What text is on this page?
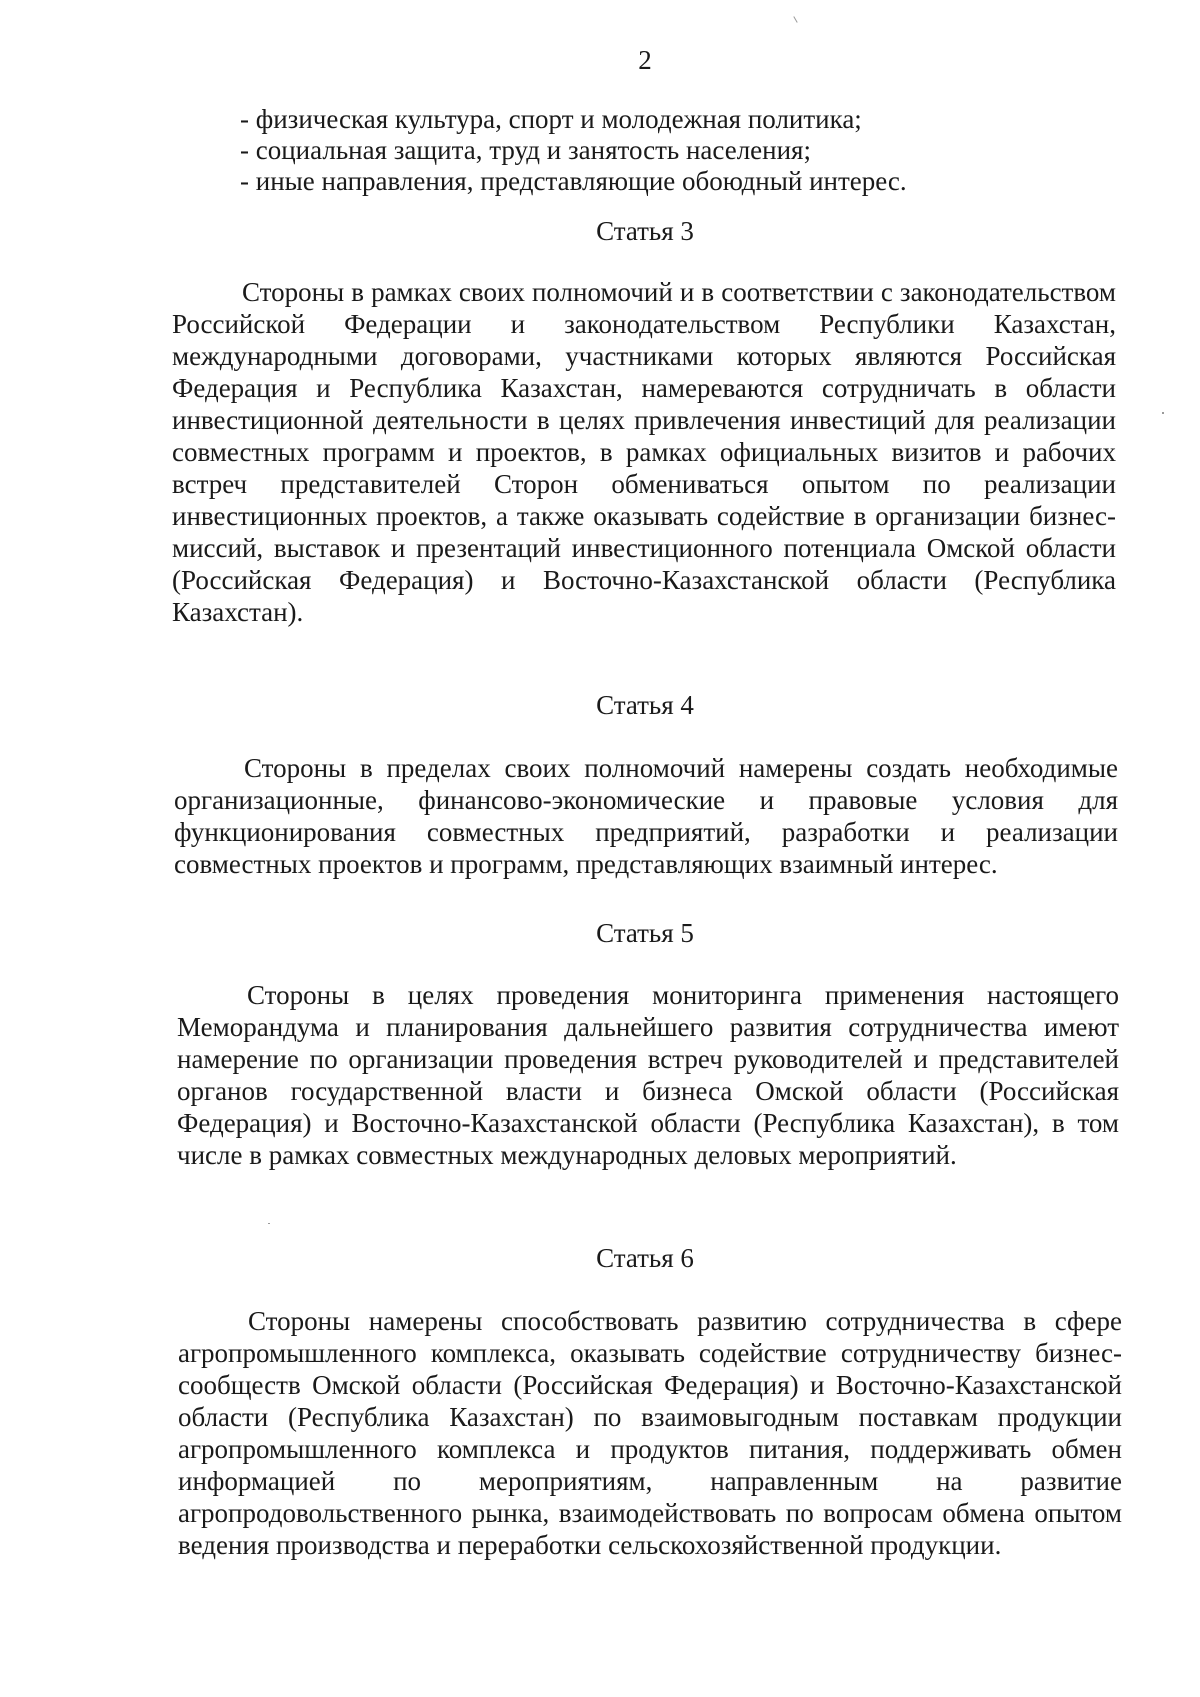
2
- физическая культура, спорт и молодежная политика;
- социальная защита, труд и занятость населения;
- иные направления, представляющие обоюдный интерес.
Статья 3

Стороны в рамках своих полномочий и в соответствии с законодательством Российской Федерации и законодательством Республики Казахстан, международными договорами, участниками которых являются Российская Федерация и Республика Казахстан, намереваются сотрудничать в области инвестиционной деятельности в целях привлечения инвестиций для реализации совместных программ и проектов, в рамках официальных визитов и рабочих встреч представителей Сторон обмениваться опытом по реализации инвестиционных проектов, а также оказывать содействие в организации бизнес-миссий, выставок и презентаций инвестиционного потенциала Омской области (Российская Федерация) и Восточно-Казахстанской области (Республика Казахстан).

Статья 4

Стороны в пределах своих полномочий намерены создать необходимые организационные, финансово-экономические и правовые условия для функционирования совместных предприятий, разработки и реализации совместных проектов и программ, представляющих взаимный интерес.

Статья 5

Стороны в целях проведения мониторинга применения настоящего Меморандума и планирования дальнейшего развития сотрудничества имеют намерение по организации проведения встреч руководителей и представителей органов государственной власти и бизнеса Омской области (Российская Федерация) и Восточно-Казахстанской области (Республика Казахстан), в том числе в рамках совместных международных деловых мероприятий.

Статья 6

Стороны намерены способствовать развитию сотрудничества в сфере агропромышленного комплекса, оказывать содействие сотрудничеству бизнес-сообществ Омской области (Российская Федерация) и Восточно-Казахстанской области (Республика Казахстан) по взаимовыгодным поставкам продукции агропромышленного комплекса и продуктов питания, поддерживать обмен информацией по мероприятиям, направленным на развитие агропродовольственного рынка, взаимодействовать по вопросам обмена опытом ведения производства и переработки сельскохозяйственной продукции.
